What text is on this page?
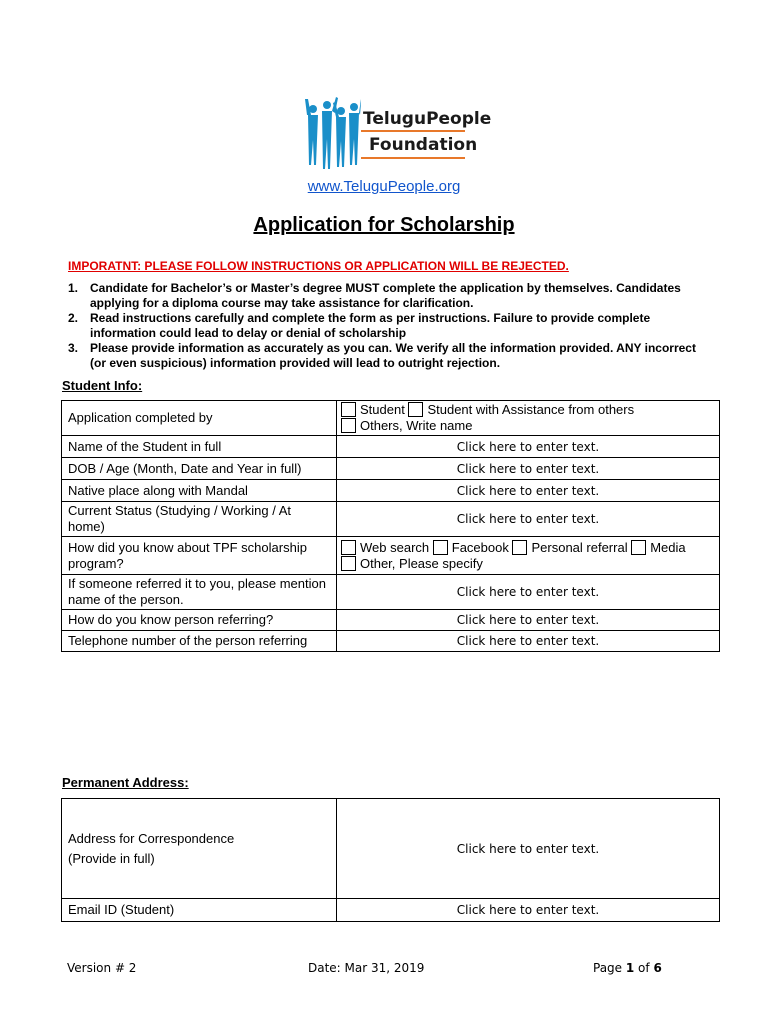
TeluguPeople
Foundation
www.TeluguPeople.org
Application for Scholarship
IMPORATNT: PLEASE FOLLOW INSTRUCTIONS OR APPLICATION WILL BE REJECTED.
1. Candidate for Bachelor’s or Master’s degree MUST complete the application by themselves. Candidates applying for a diploma course may take assistance for clarification.
2. Read instructions carefully and complete the form as per instructions. Failure to provide complete information could lead to delay or denial of scholarship
3. Please provide information as accurately as you can. We verify all the information provided. ANY incorrect (or even suspicious) information provided will lead to outright rejection.
Student Info:
Application completed by	Student Student with Assistance from others
Others, Write name

Name of the Student in full	Click here to enter text.
DOB / Age (Month, Date and Year in full)	Click here to enter text.
Native place along with Mandal	Click here to enter text.
Current Status (Studying / Working / At home)	Click here to enter text.
How did you know about TPF scholarship program?	Web search Facebook Personal referral Media
Other, Please specify

If someone referred it to you, please mention name of the person.	Click here to enter text.
How do you know person referring?	Click here to enter text.
Telephone number of the person referring	Click here to enter text.
Permanent Address:
Address for Correspondence
(Provide in full)	Click here to enter text.
Email ID (Student)	Click here to enter text.
Version # 2	Date: Mar 31, 2019	Page 1 of 6
